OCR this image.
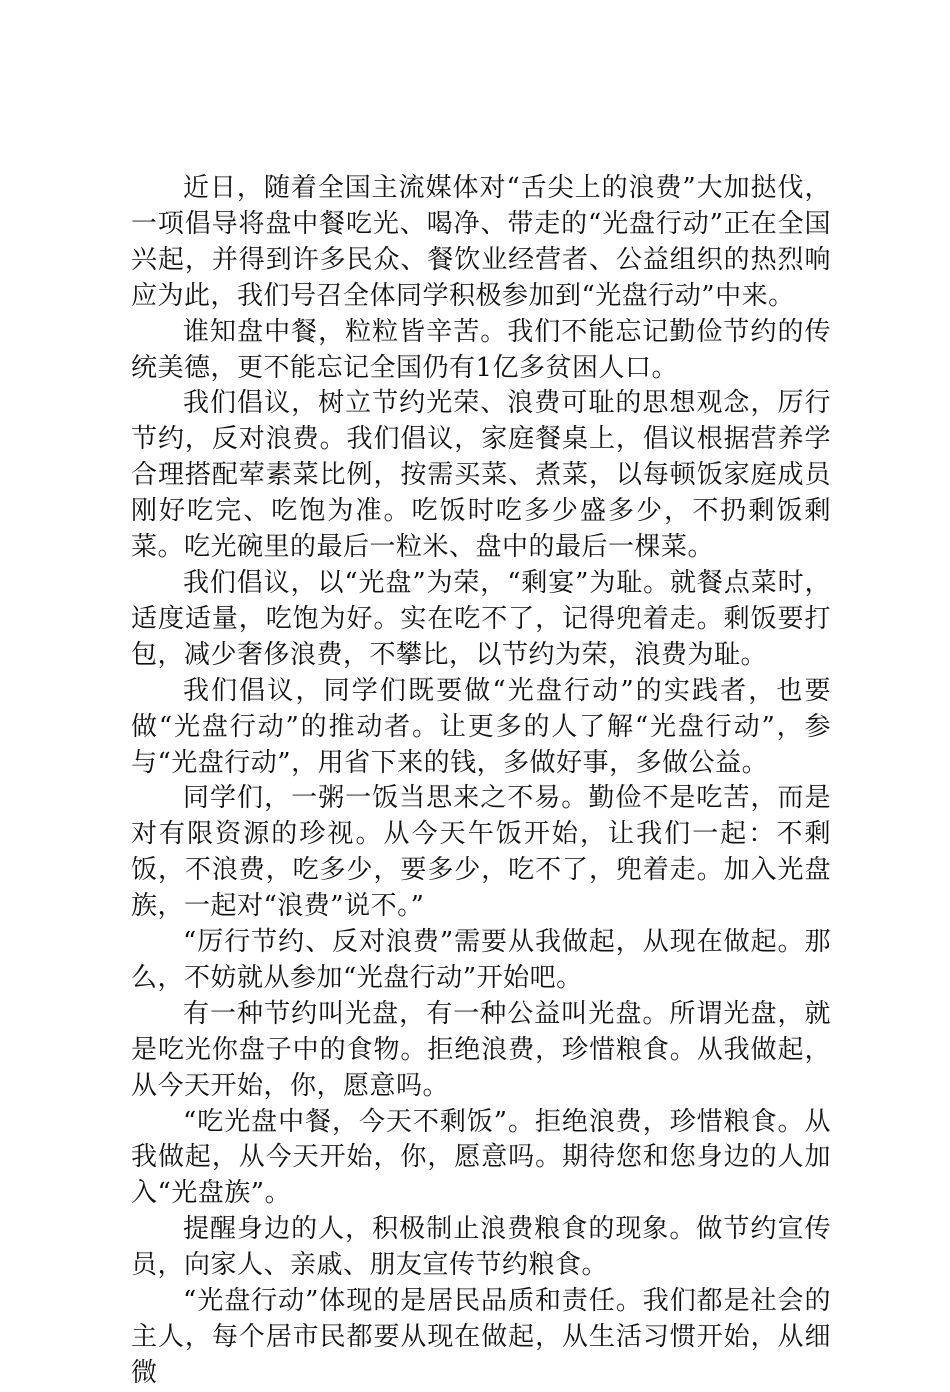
近日，随着全国主流媒体对“舌尖上的浪费”大加挞伐，一项倡导将盘中餐吃光、喝净、带走的“光盘行动”正在全国兴起，并得到许多民众、餐饮业经营者、公益组织的热烈响应为此，我们号召全体同学积极参加到“光盘行动”中来。

谁知盘中餐，粒粒皆辛苦。我们不能忘记勤俭节约的传统美德，更不能忘记全国仍有1亿多贫困人口。

我们倡议，树立节约光荣、浪费可耻的思想观念，厉行节约，反对浪费。我们倡议，家庭餐桌上，倡议根据营养学合理搭配荤素菜比例，按需买菜、煮菜，以每顿饭家庭成员刚好吃完、吃饱为准。吃饭时吃多少盛多少，不扔剩饭剩菜。吃光碗里的最后一粒米、盘中的最后一棵菜。

我们倡议，以“光盘”为荣，“剩宴”为耻。就餐点菜时，适度适量，吃饱为好。实在吃不了，记得兜着走。剩饭要打包，减少奢侈浪费，不攀比，以节约为荣，浪费为耻。

我们倡议，同学们既要做“光盘行动”的实践者，也要做“光盘行动”的推动者。让更多的人了解“光盘行动”，参与“光盘行动”，用省下来的钱，多做好事，多做公益。

同学们，一粥一饭当思来之不易。勤俭不是吃苦，而是对有限资源的珍视。从今天午饭开始，让我们一起：不剩饭，不浪费，吃多少，要多少，吃不了，兜着走。加入光盘族，一起对“浪费”说不。”

“厉行节约、反对浪费”需要从我做起，从现在做起。那么，不妨就从参加“光盘行动”开始吧。

有一种节约叫光盘，有一种公益叫光盘。所谓光盘，就是吃光你盘子中的食物。拒绝浪费，珍惜粮食。从我做起，从今天开始，你，愿意吗。

“吃光盘中餐，今天不剩饭”。拒绝浪费，珍惜粮食。从我做起，从今天开始，你，愿意吗。期待您和您身边的人加入“光盘族”。

提醒身边的人，积极制止浪费粮食的现象。做节约宣传员，向家人、亲戚、朋友宣传节约粮食。

“光盘行动”体现的是居民品质和责任。我们都是社会的主人，每个居市民都要从现在做起，从生活习惯开始，从细微
